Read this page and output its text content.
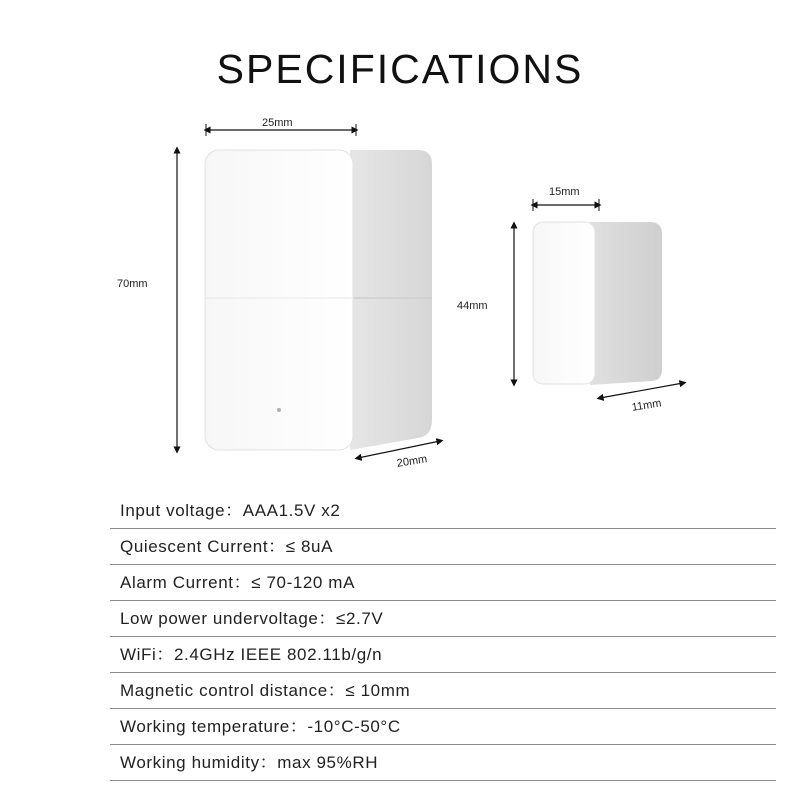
SPECIFICATIONS
25mm
70mm
20mm
15mm
44mm
11mm
Input voltage：AAA1.5V x2
Quiescent Current：≤ 8uA
Alarm Current：≤ 70-120 mA
Low power undervoltage：≤2.7V
WiFi：2.4GHz IEEE 802.11b/g/n
Magnetic control distance：≤ 10mm
Working temperature：-10°C-50°C
Working humidity：max 95%RH
